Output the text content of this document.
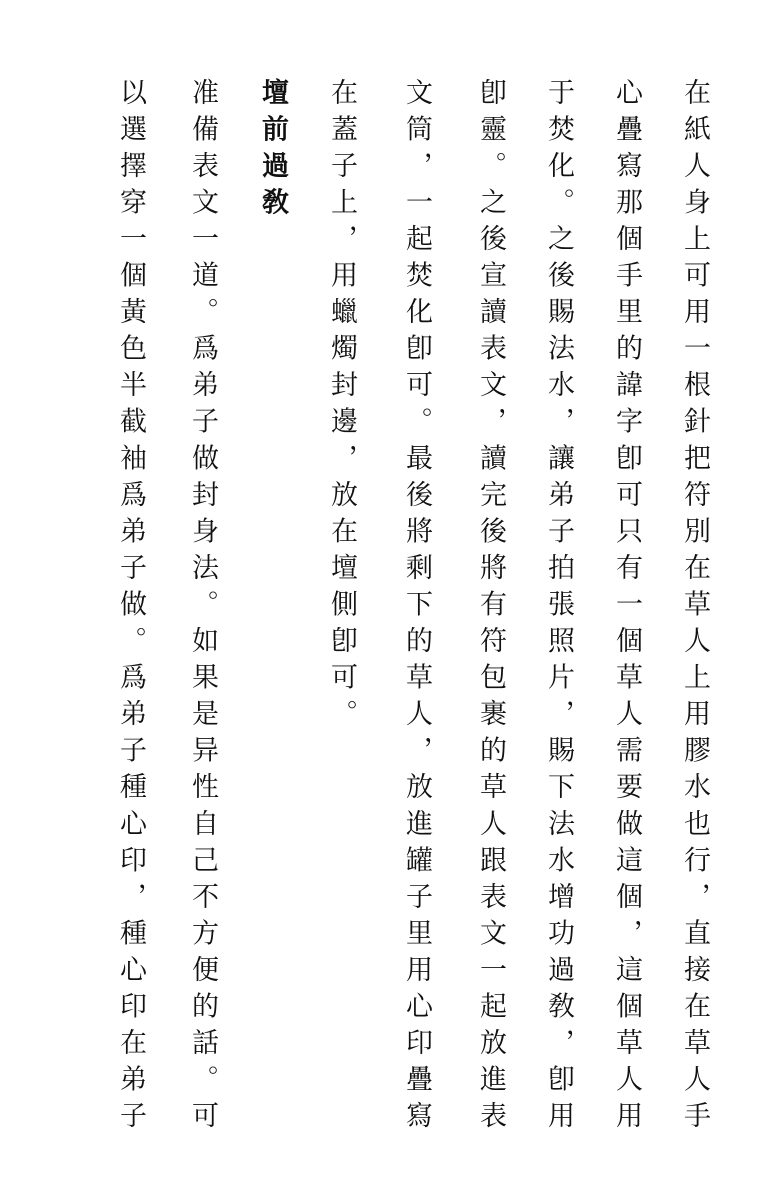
在紙人身上可用一根針把符別在草人上用膠水也行，直接在草人手
心疊寫那個手里的諱字卽可只有一個草人需要做這個，這個草人用
于焚化。之後賜法水，讓弟子拍張照片，賜下法水增功過敎，卽用
卽靈。之後宣讀表文，讀完後將有符包裹的草人跟表文一起放進表
文筒，一起焚化卽可。最後將剩下的草人，放進罐子里用心印疊寫
在蓋子上，用蠟燭封邊，放在壇側卽可。
壇前過敎
准備表文一道。爲弟子做封身法。如果是异性自己不方便的話。可
以選擇穿一個黃色半截袖爲弟子做。爲弟子種心印，種心印在弟子
